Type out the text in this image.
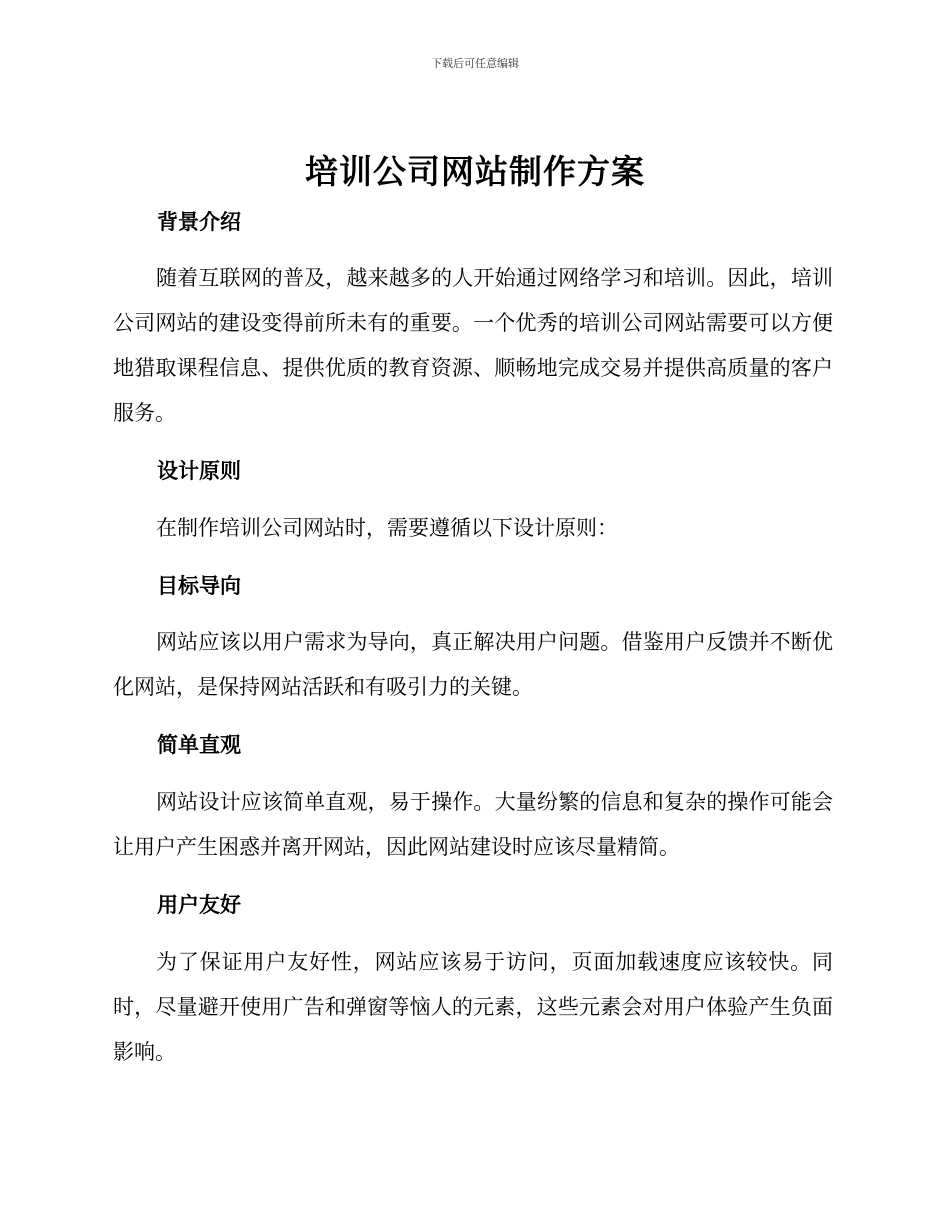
下载后可任意编辑
培训公司网站制作方案
背景介绍

随着互联网的普及，越来越多的人开始通过网络学习和培训。因此，培训公司网站的建设变得前所未有的重要。一个优秀的培训公司网站需要可以方便地猎取课程信息、提供优质的教育资源、顺畅地完成交易并提供高质量的客户服务。

设计原则

在制作培训公司网站时，需要遵循以下设计原则：

目标导向

网站应该以用户需求为导向，真正解决用户问题。借鉴用户反馈并不断优化网站，是保持网站活跃和有吸引力的关键。

简单直观

网站设计应该简单直观，易于操作。大量纷繁的信息和复杂的操作可能会让用户产生困惑并离开网站，因此网站建设时应该尽量精简。

用户友好

为了保证用户友好性，网站应该易于访问，页面加载速度应该较快。同时，尽量避开使用广告和弹窗等恼人的元素，这些元素会对用户体验产生负面影响。
